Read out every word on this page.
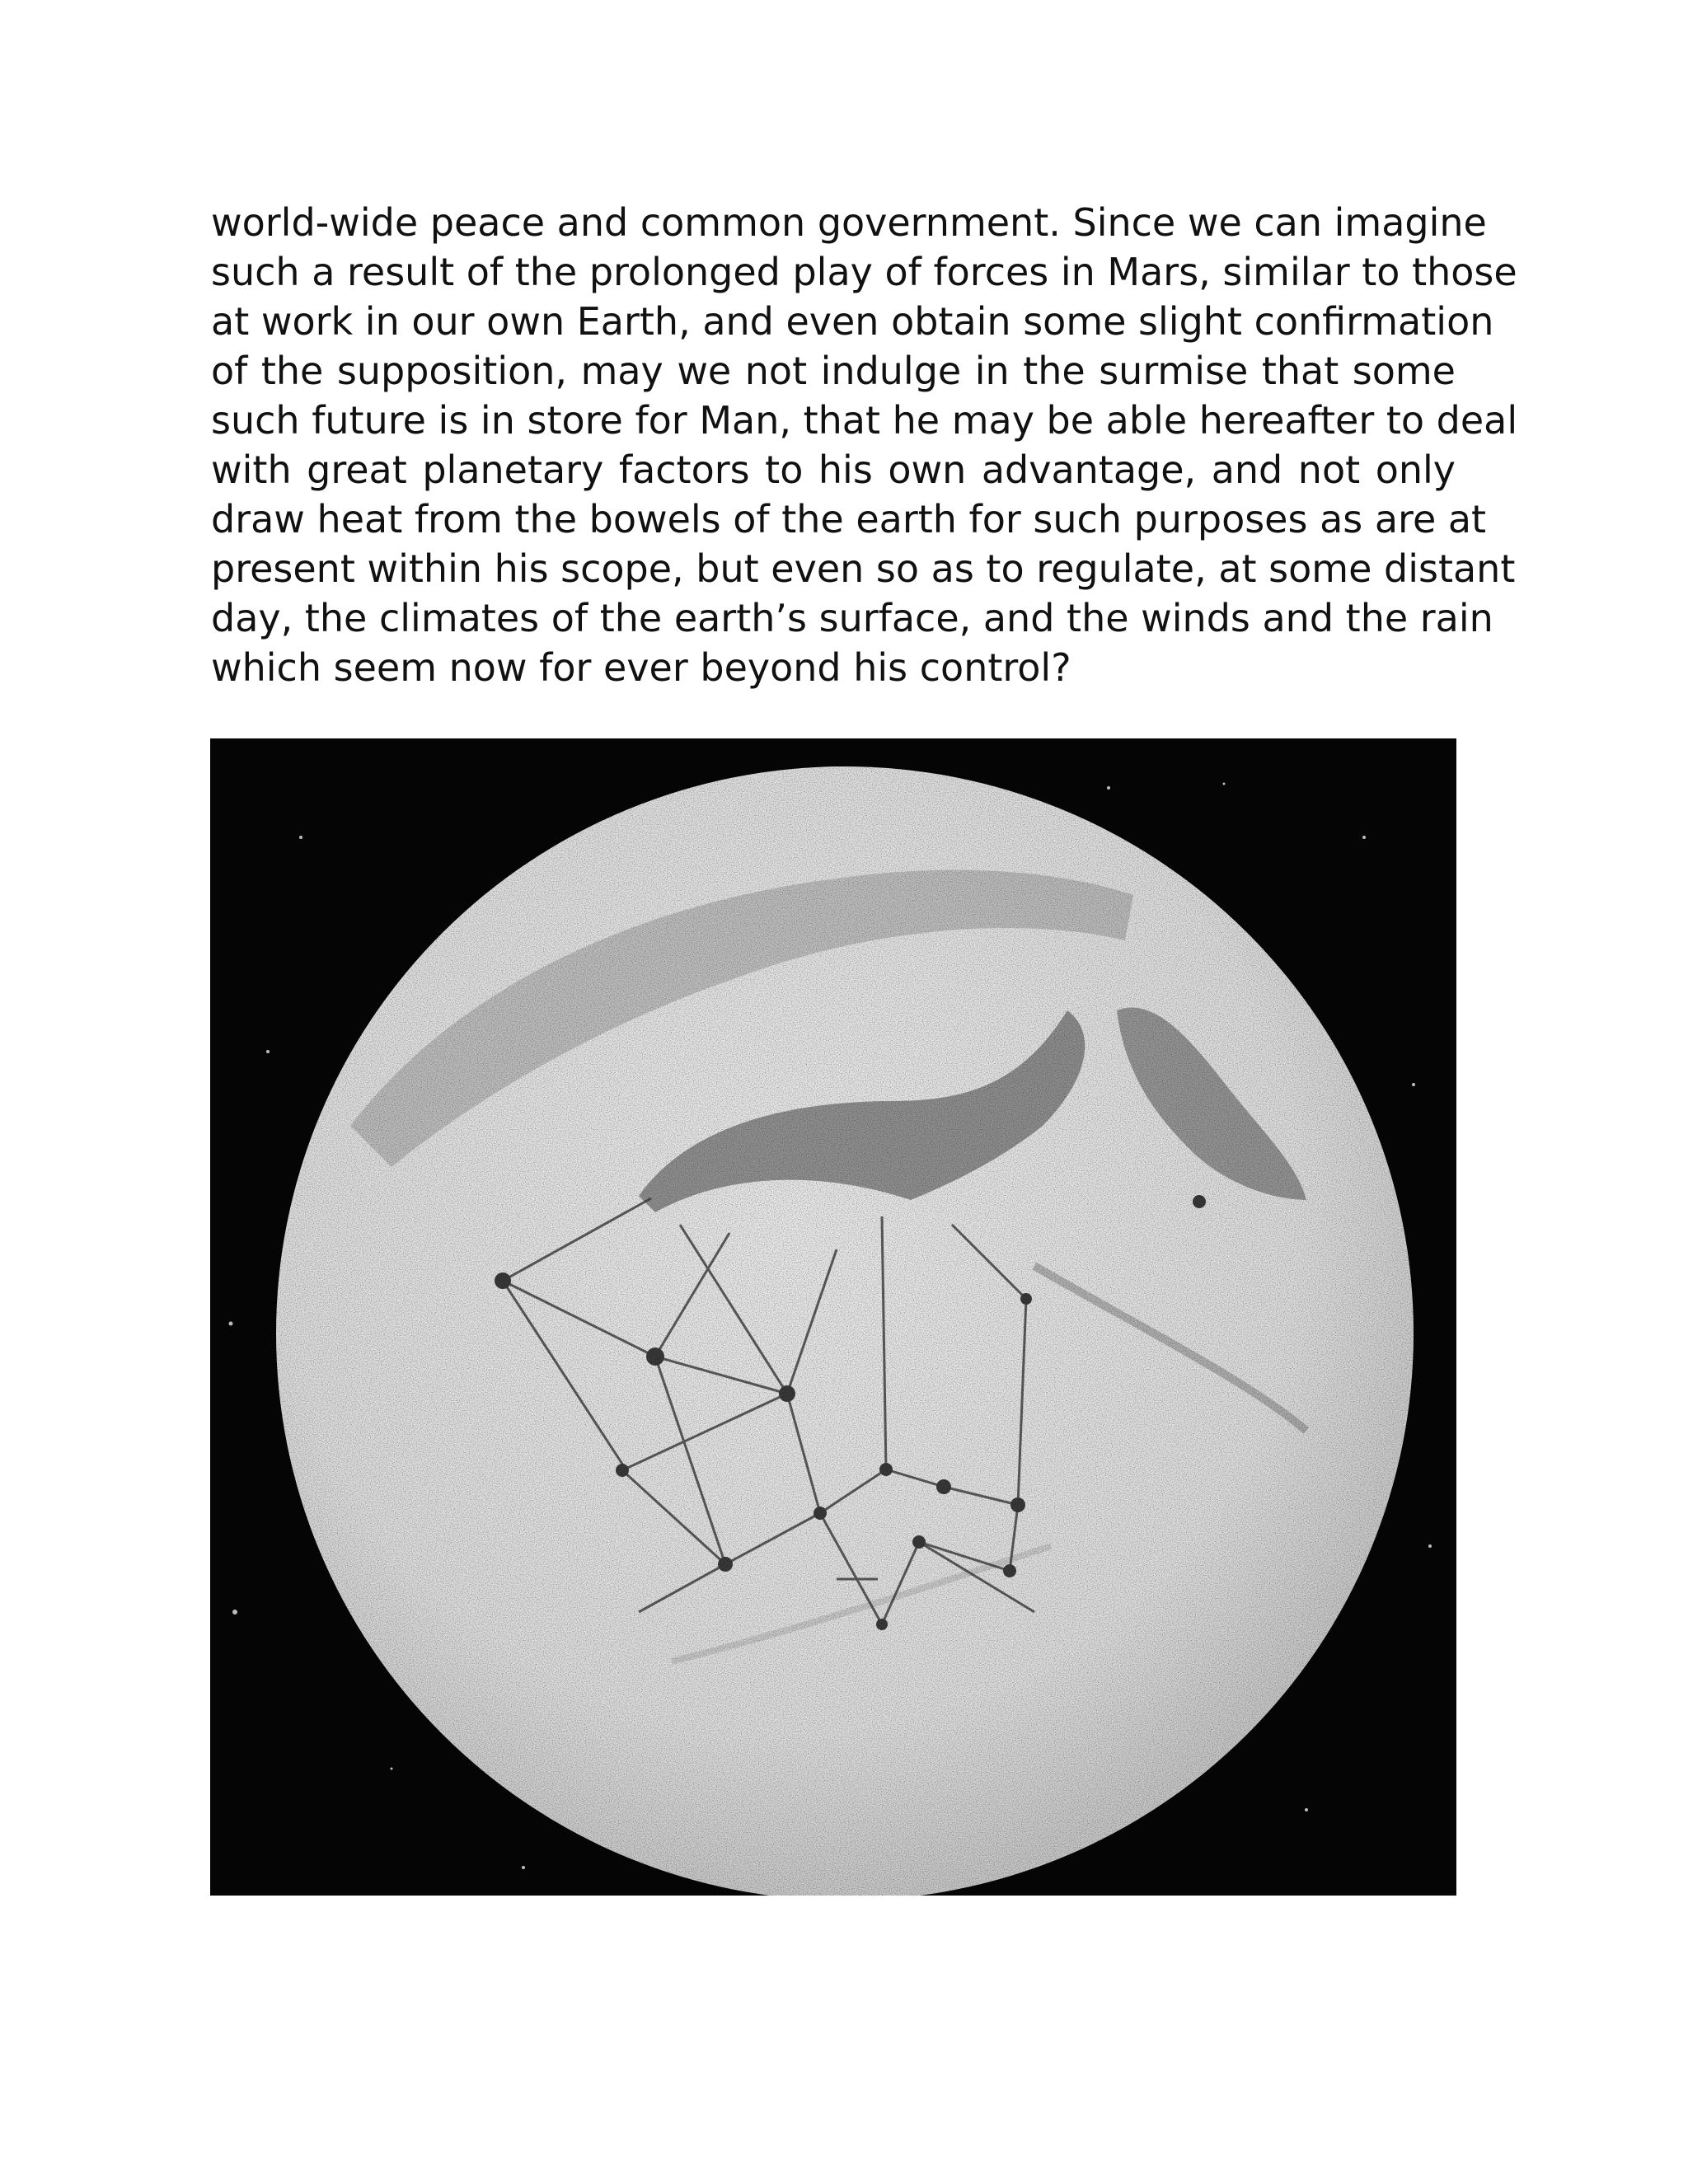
world-wide peace and common government. Since we can imagine
such a result of the prolonged play of forces in Mars, similar to those
at work in our own Earth, and even obtain some slight confirmation
of the supposition, may we not indulge in the surmise that some
such future is in store for Man, that he may be able hereafter to deal
with great planetary factors to his own advantage, and not only
draw heat from the bowels of the earth for such purposes as are at
present within his scope, but even so as to regulate, at some distant
day, the climates of the earth’s surface, and the winds and the rain
which seem now for ever beyond his control?
